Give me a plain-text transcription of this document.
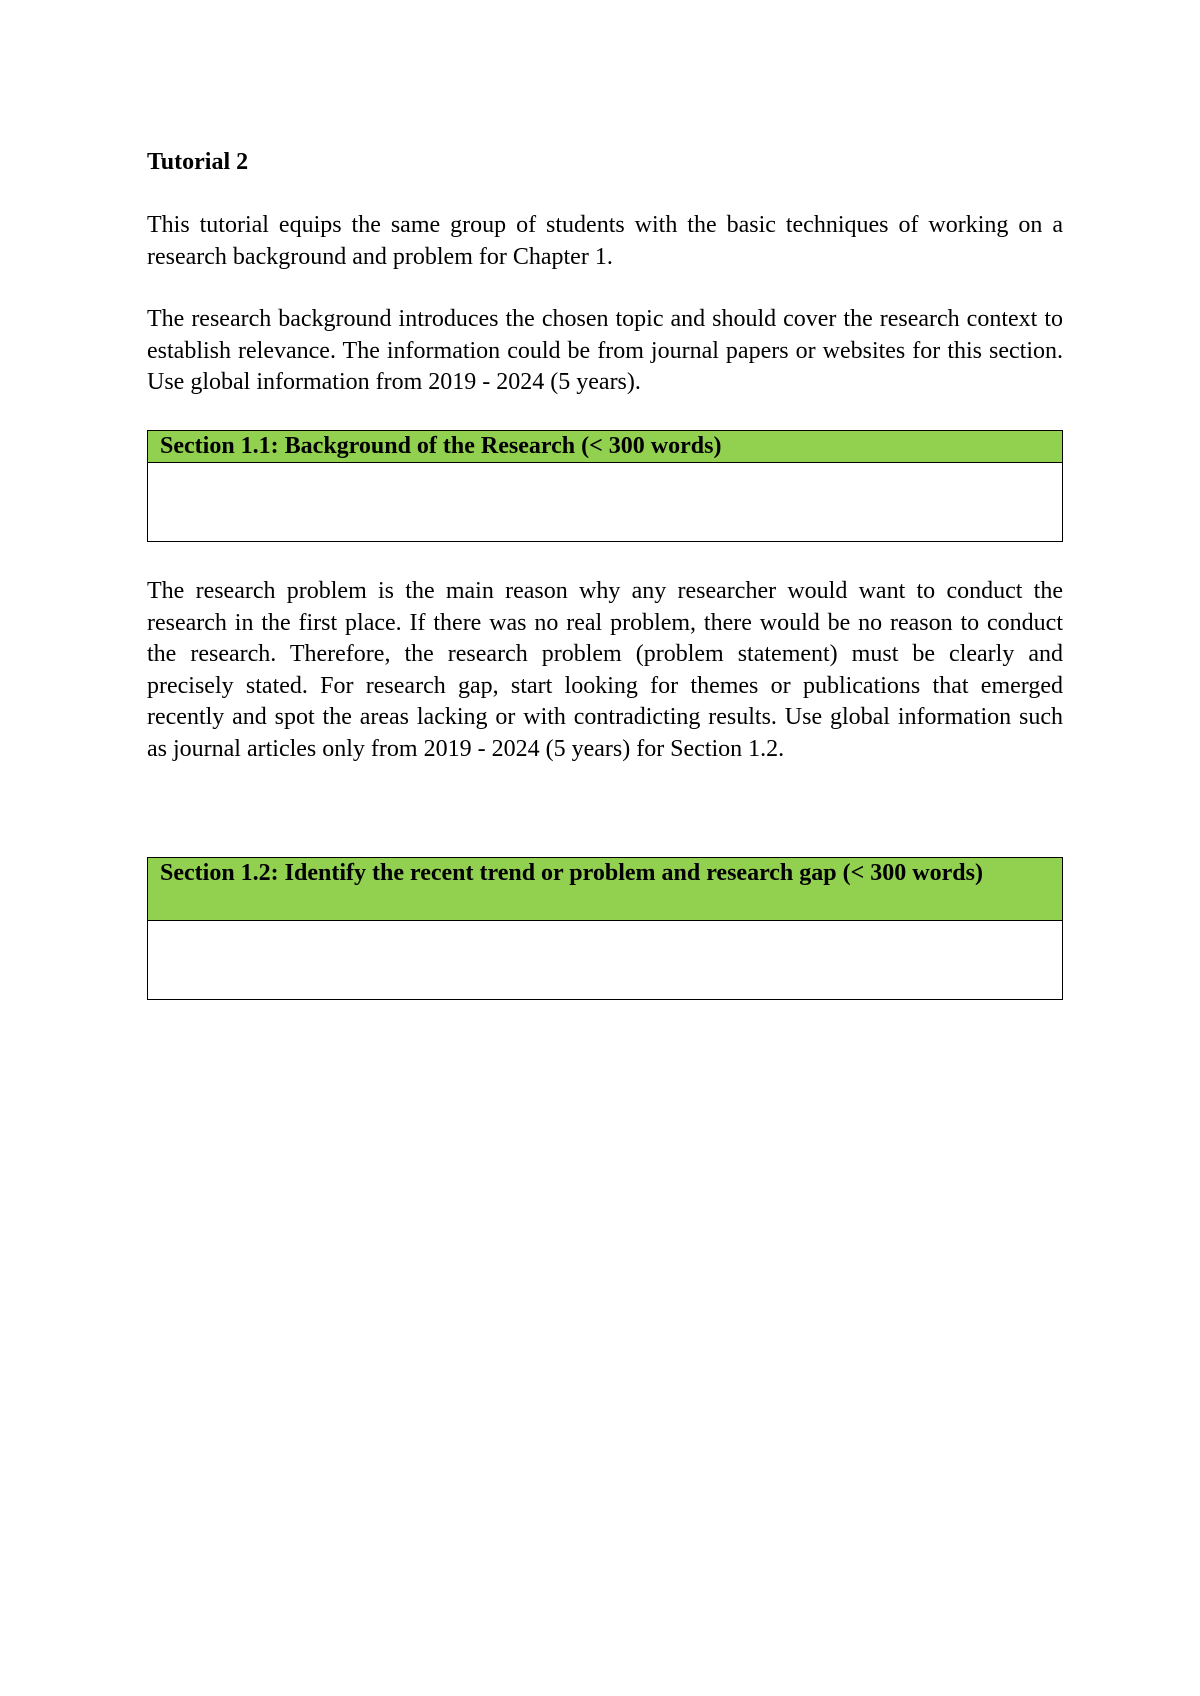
Tutorial 2

This tutorial equips the same group of students with the basic techniques of working on a research background and problem for Chapter 1.

The research background introduces the chosen topic and should cover the research context to establish relevance. The information could be from journal papers or websites for this section. Use global information from 2019 - 2024 (5 years).

Section 1.1: Background of the Research (< 300 words)

The research problem is the main reason why any researcher would want to conduct the research in the first place. If there was no real problem, there would be no reason to conduct the research. Therefore, the research problem (problem statement) must be clearly and precisely stated. For research gap, start looking for themes or publications that emerged recently and spot the areas lacking or with contradicting results. Use global information such as journal articles only from 2019 - 2024 (5 years) for Section 1.2.

Section 1.2: Identify the recent trend or problem and research gap (< 300 words)
